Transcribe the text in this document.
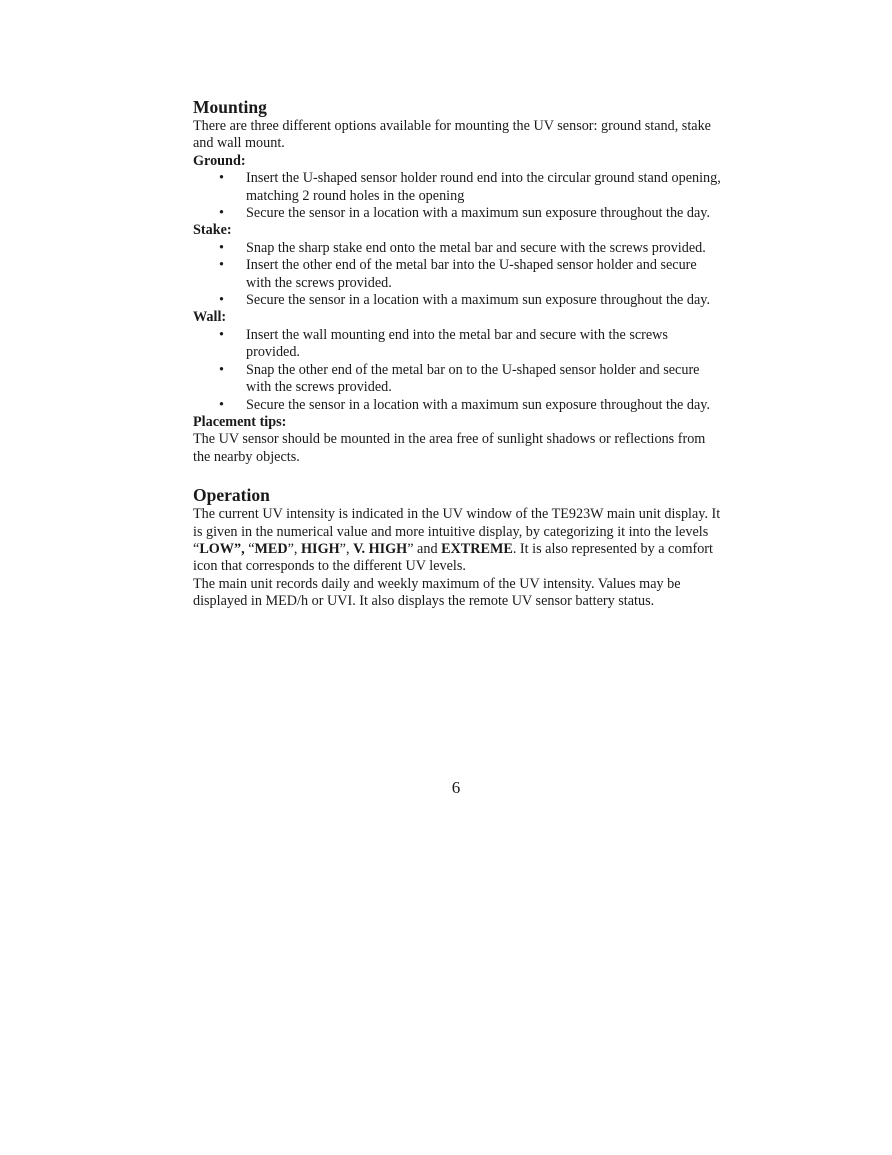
Mounting

There are three different options available for mounting the UV sensor: ground stand, stake and wall mount.

Ground:

• Insert the U-shaped sensor holder round end into the circular ground stand opening, matching 2 round holes in the opening
• Secure the sensor in a location with a maximum sun exposure throughout the day.

Stake:

• Snap the sharp stake end onto the metal bar and secure with the screws provided.
• Insert the other end of the metal bar into the U-shaped sensor holder and secure with the screws provided.
• Secure the sensor in a location with a maximum sun exposure throughout the day.

Wall:

• Insert the wall mounting end into the metal bar and secure with the screws provided.
• Snap the other end of the metal bar on to the U-shaped sensor holder and secure with the screws provided.
• Secure the sensor in a location with a maximum sun exposure throughout the day.

Placement tips:

The UV sensor should be mounted in the area free of sunlight shadows or reflections from the nearby objects.

Operation

The current UV intensity is indicated in the UV window of the TE923W main unit display. It is given in the numerical value and more intuitive display, by categorizing it into the levels “LOW”, “MED”, HIGH”, V. HIGH” and EXTREME. It is also represented by a comfort icon that corresponds to the different UV levels.

The main unit records daily and weekly maximum of the UV intensity. Values may be displayed in MED/h or UVI. It also displays the remote UV sensor battery status.

6
